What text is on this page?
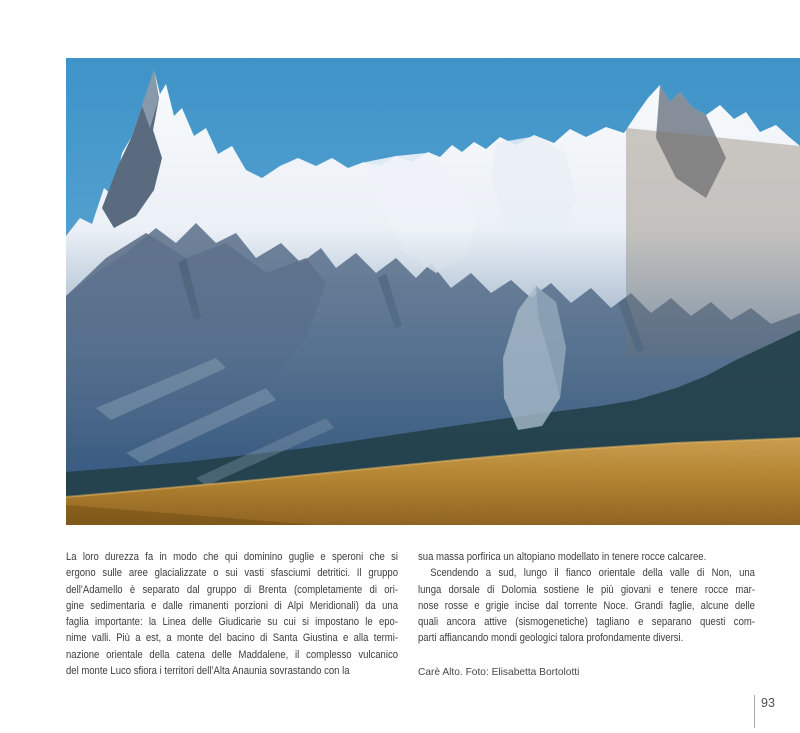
La loro durezza fa in modo che qui dominino guglie e speroni che si
ergono sulle aree glacializzate o sui vasti sfasciumi detritici. Il gruppo
dell’Adamello è separato dal gruppo di Brenta (completamente di ori-
gine sedimentaria e dalle rimanenti porzioni di Alpi Meridionali) da una
faglia importante: la Linea delle Giudicarie su cui si impostano le epo-
nime valli. Più a est, a monte del bacino di Santa Giustina e alla termi-
nazione orientale della catena delle Maddalene, il complesso vulcanico
del monte Luco sfiora i territori dell’Alta Anaunia sovrastando con la
sua massa porfirica un altopiano modellato in tenere rocce calcaree.
Scendendo a sud, lungo il fianco orientale della valle di Non, una
lunga dorsale di Dolomia sostiene le più giovani e tenere rocce mar-
nose rosse e grigie incise dal torrente Noce. Grandi faglie, alcune delle
quali ancora attive (sismogenetiche) tagliano e separano questi com-
parti affiancando mondi geologici talora profondamente diversi.
Carè Alto. Foto: Elisabetta Bortolotti
93
